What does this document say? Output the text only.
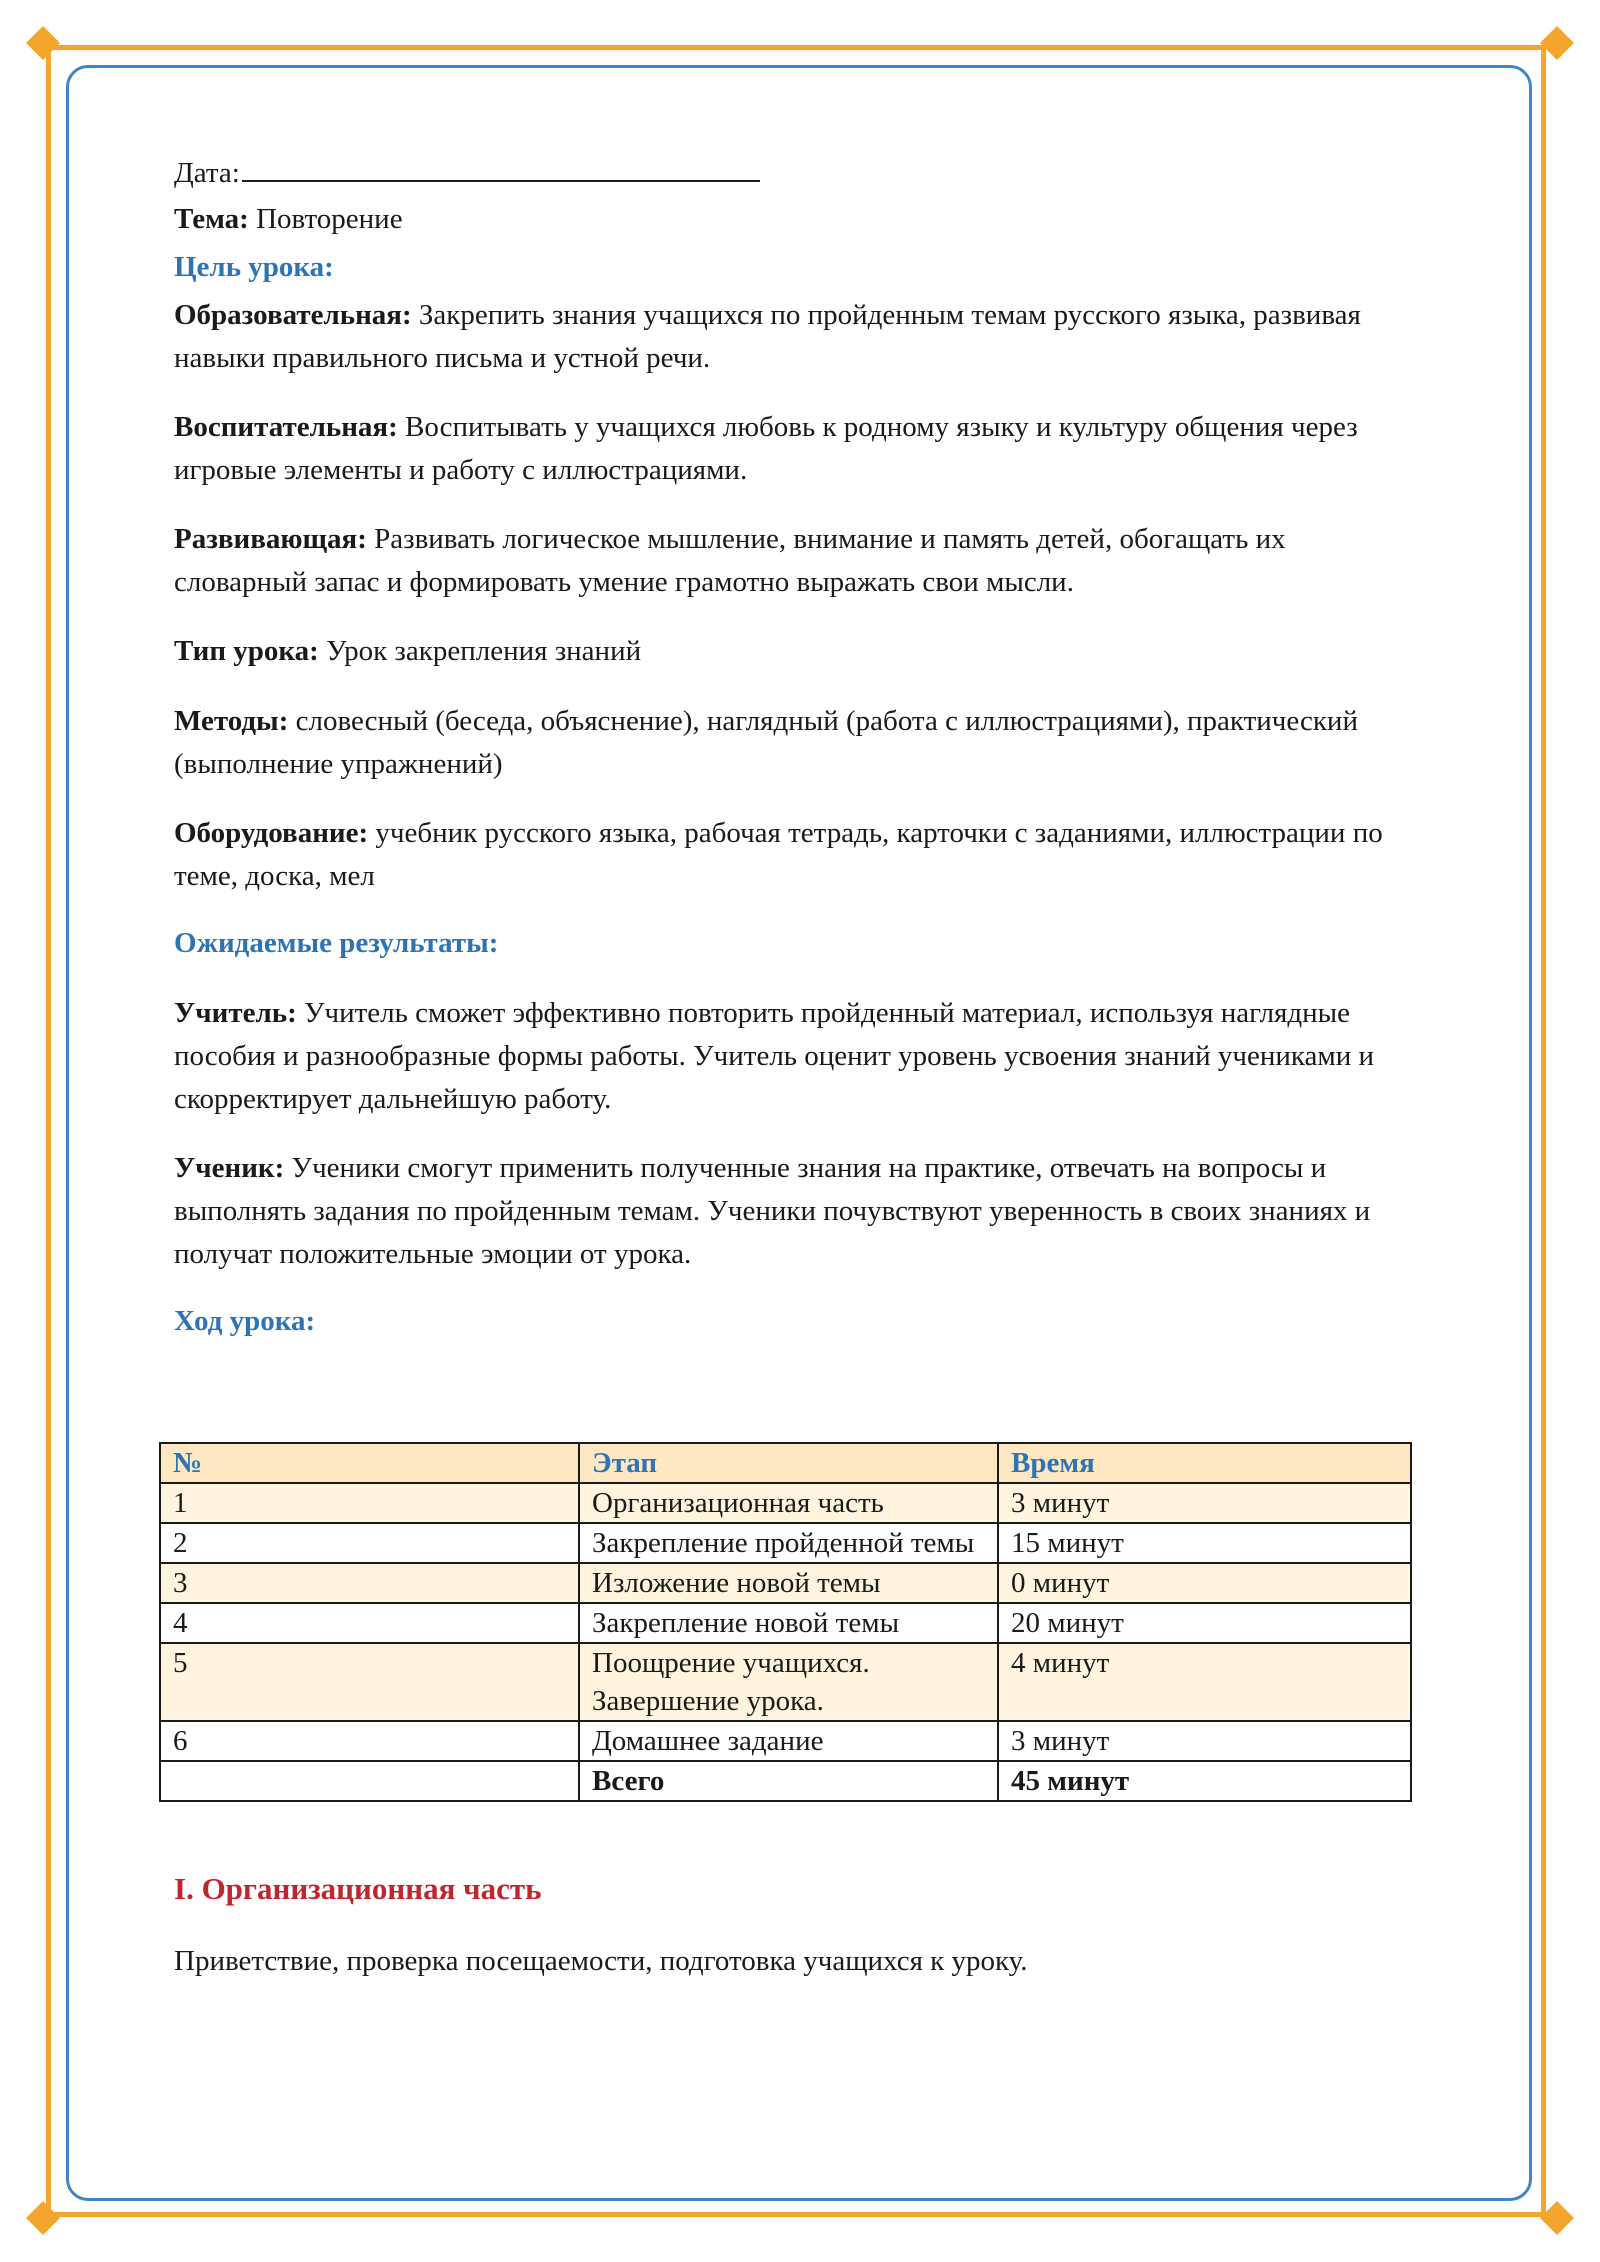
Дата:

Тема: Повторение

Цель урока:

Образовательная: Закрепить знания учащихся по пройденным темам русского языка, развивая навыки правильного письма и устной речи.

Воспитательная: Воспитывать у учащихся любовь к родному языку и культуру общения через игровые элементы и работу с иллюстрациями.

Развивающая: Развивать логическое мышление, внимание и память детей, обогащать их словарный запас и формировать умение грамотно выражать свои мысли.

Тип урока: Урок закрепления знаний

Методы: словесный (беседа, объяснение), наглядный (работа с иллюстрациями), практический (выполнение упражнений)

Оборудование: учебник русского языка, рабочая тетрадь, карточки с заданиями, иллюстрации по теме, доска, мел

Ожидаемые результаты:

Учитель: Учитель сможет эффективно повторить пройденный материал, используя наглядные пособия и разнообразные формы работы. Учитель оценит уровень усвоения знаний учениками и скорректирует дальнейшую работу.

Ученик: Ученики смогут применить полученные знания на практике, отвечать на вопросы и выполнять задания по пройденным темам. Ученики почувствуют уверенность в своих знаниях и получат положительные эмоции от урока.

Ход урока:

I. Организационная часть

Приветствие, проверка посещаемости, подготовка учащихся к уроку.

№	Этап	Время
1	Организационная часть	3 минут
2	Закрепление пройденной темы	15 минут
3	Изложение новой темы	0 минут
4	Закрепление новой темы	20 минут
5	Поощрение учащихся. Завершение урока.	4 минут
6	Домашнее задание	3 минут
	Всего	45 минут
